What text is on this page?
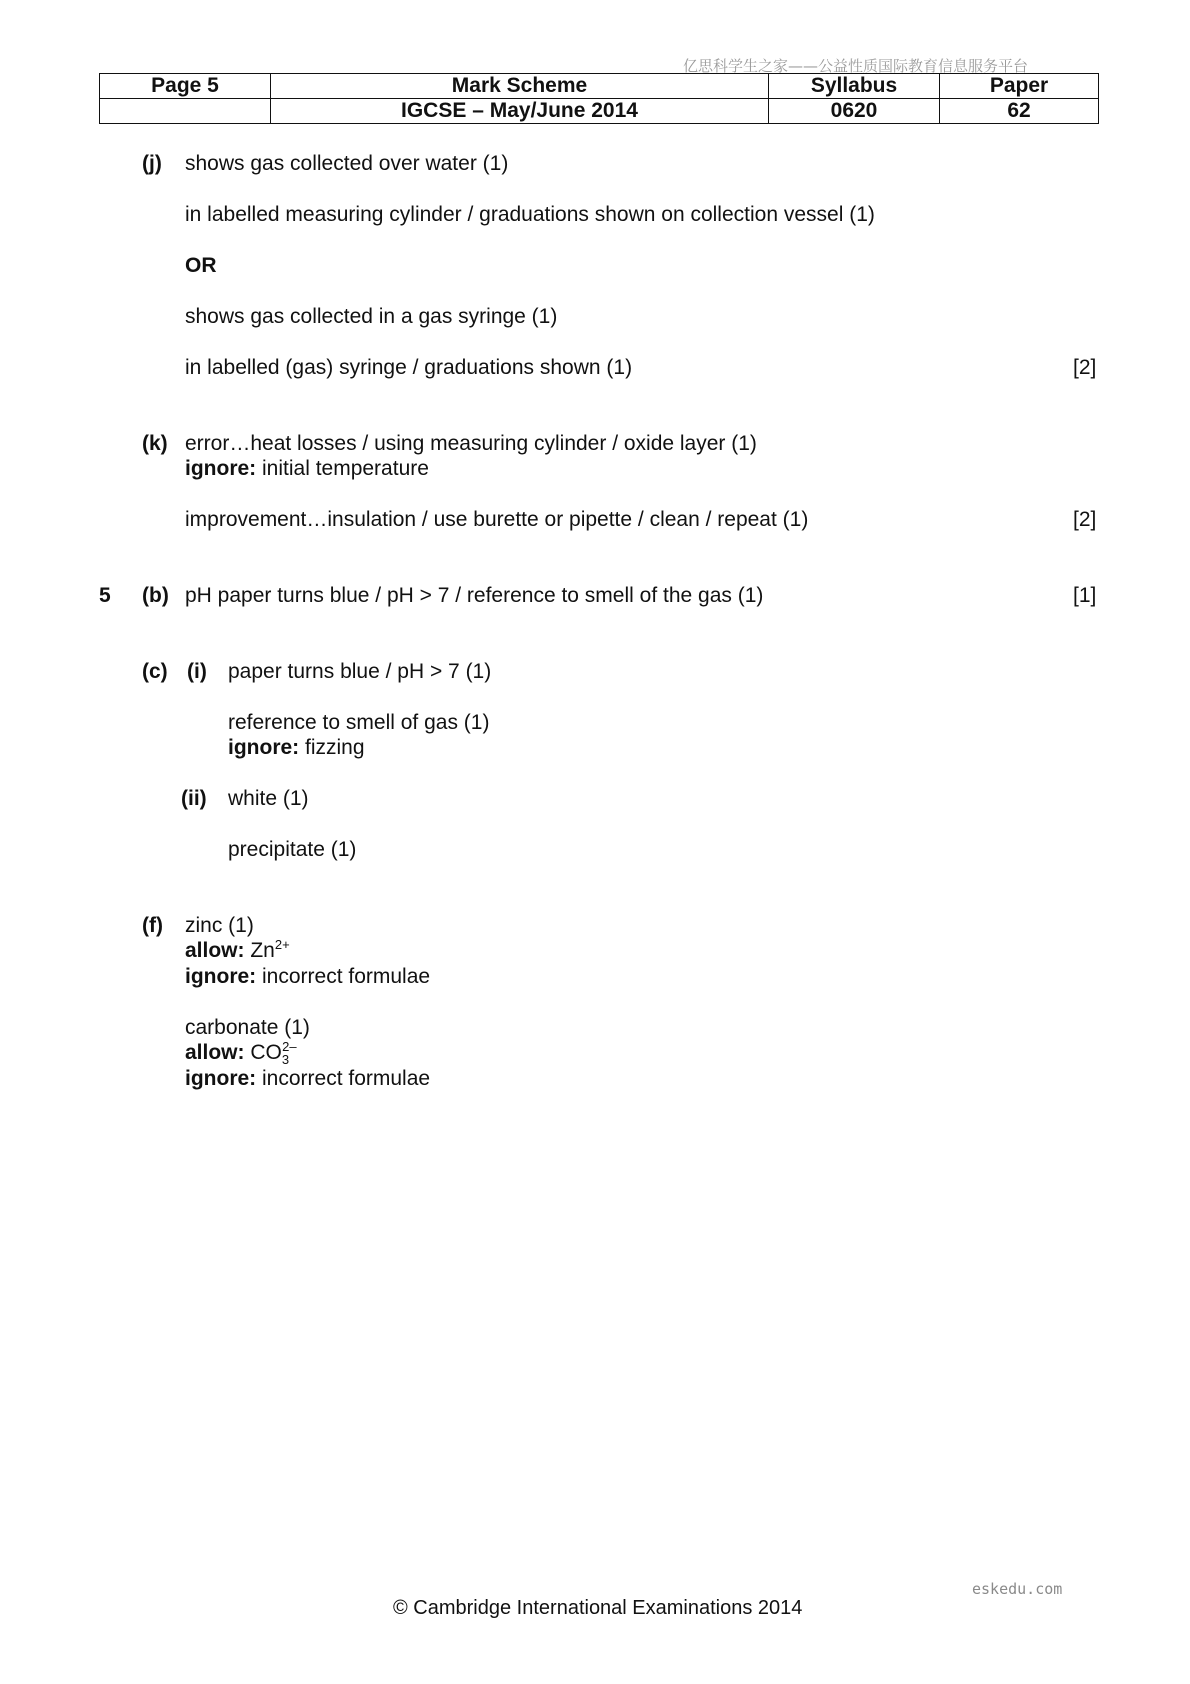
亿思科学生之家——公益性质国际教育信息服务平台
Page 5	Mark Scheme	Syllabus	Paper
	IGCSE – May/June 2014	0620	62
(j) shows gas collected over water (1)
in labelled measuring cylinder / graduations shown on collection vessel (1)
OR
shows gas collected in a gas syringe (1)
in labelled (gas) syringe / graduations shown (1)	[2]
(k) error…heat losses / using measuring cylinder / oxide layer (1)
ignore: initial temperature
improvement…insulation / use burette or pipette / clean / repeat (1)	[2]
5 (b) pH paper turns blue / pH > 7 / reference to smell of the gas (1)	[1]
(c) (i) paper turns blue / pH > 7 (1)
reference to smell of gas (1)
ignore: fizzing
(ii) white (1)
precipitate (1)
(f) zinc (1)
allow: $Zn^{2+}$
ignore: incorrect formulae
carbonate (1)
allow: $CO_3^{2-}$
ignore: incorrect formulae
eskedu.com
© Cambridge International Examinations 2014
